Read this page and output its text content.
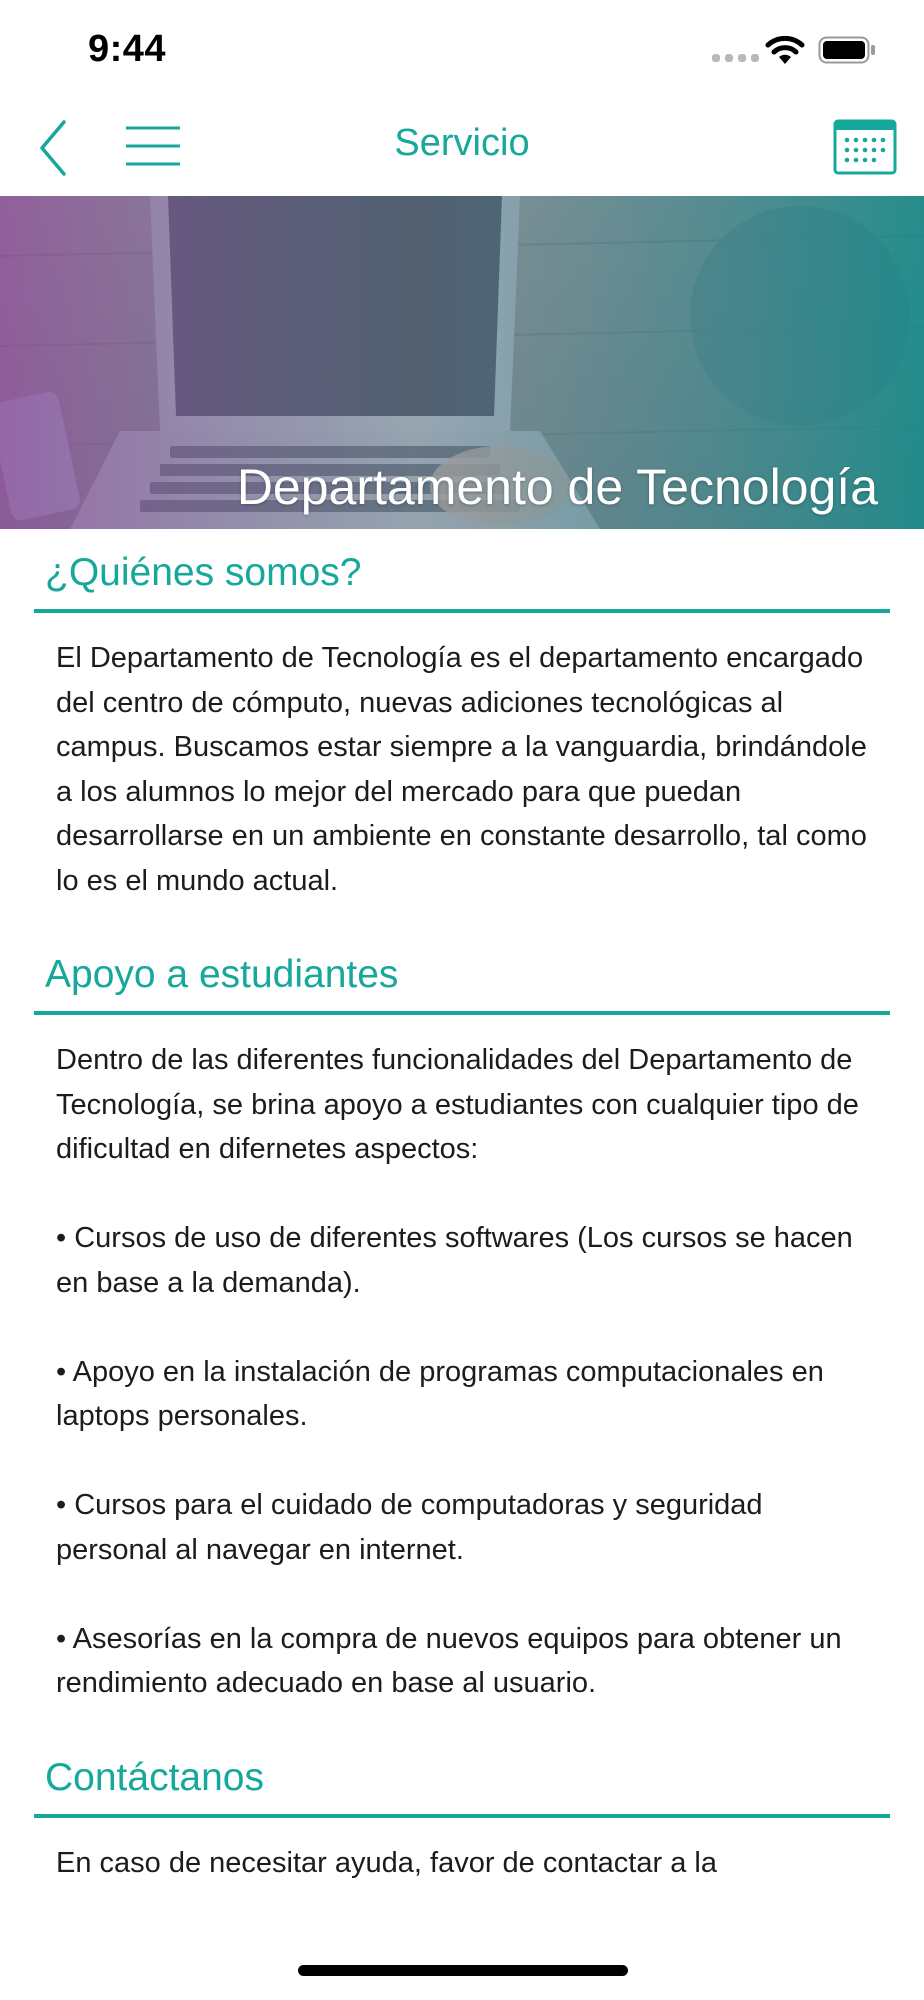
9:44
Servicio
Departamento de Tecnología
¿Quiénes somos?

El Departamento de Tecnología es el departamento encargado del centro de cómputo, nuevas adiciones tecnológicas al campus. Buscamos estar siempre a la vanguardia, brindándole a los alumnos lo mejor del mercado para que puedan desarrollarse en un ambiente en constante desarrollo, tal como lo es el mundo actual.

Apoyo a estudiantes

Dentro de las diferentes funcionalidades del Departamento de Tecnología, se brina apoyo a estudiantes con cualquier tipo de dificultad en difernetes aspectos:

• Cursos de uso de diferentes softwares (Los cursos se hacen en base a la demanda).

• Apoyo en la instalación de programas computacionales en laptops personales.

• Cursos para el cuidado de computadoras y seguridad personal al navegar en internet.

• Asesorías en la compra de nuevos equipos para obtener un rendimiento adecuado en base al usuario.

Contáctanos

En caso de necesitar ayuda, favor de contactar a la
